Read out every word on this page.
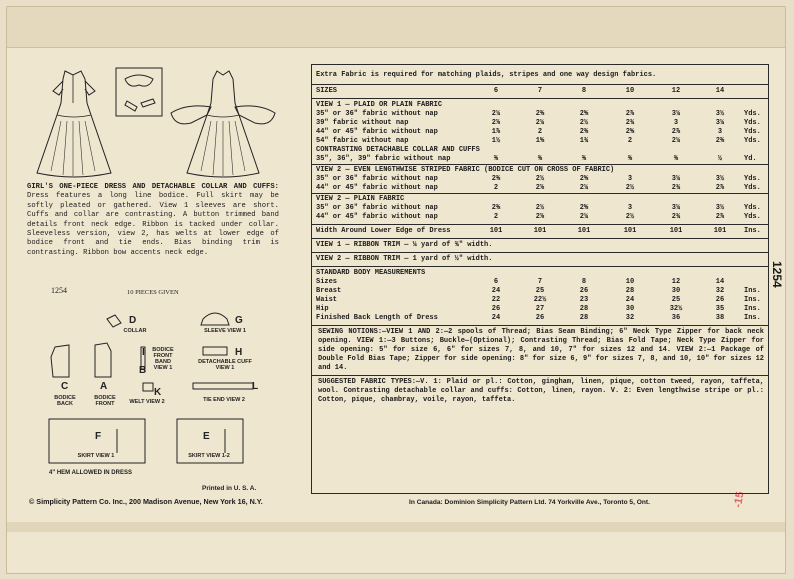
GIRL'S ONE-PIECE DRESS AND DETACHABLE COLLAR AND CUFFS: Dress features a long line bodice. Full skirt may be softly pleated or gathered. View 1 sleeves are short. Cuffs and collar are contrasting. A button trimmed band details front neck edge. Ribbon is tacked under collar. Sleeveless version, view 2, has welts at lower edge of bodice front and tie ends. Bias binding trim is contrasting. Ribbon bow accents neck edge.
1254	10 PIECES GIVEN
D
COLLAR
G
SLEEVE VIEW 1
I	BODICE FRONT BAND VIEW 1
H
DETACHABLE CUFF VIEW 1
C
BODICE BACK
A
BODICE FRONT
B
K
WELT VIEW 2
L
TIE END VIEW 2
F
SKIRT VIEW 1
E
SKIRT VIEW 1-2
4" HEM ALLOWED IN DRESS
Printed in U. S. A.
© Simplicity Pattern Co. Inc., 200 Madison Avenue, New York 16, N.Y.	In Canada: Dominion Simplicity Pattern Ltd. 74 Yorkville Ave., Toronto 5, Ont.
1254
-15
Extra Fabric is required for matching plaids, stripes and one way design fabrics.
SIZES	6	7	8	10	12	14
VIEW 1 — PLAID OR PLAIN FABRIC
35" or 36" fabric without nap	2¼	2⅜	2⅝	2⅞	3¼	3½	Yds.
39" fabric without nap	2⅛	2¼	2½	2¾	3	3¼	Yds.
44" or 45" fabric without nap	1⅞	2	2⅜	2⅝	2⅞	3	Yds.
54" fabric without nap	1½	1⅝	1¾	2	2¼	2⅜	Yds.
CONTRASTING DETACHABLE COLLAR AND CUFFS
35", 36", 39" fabric without nap	⅜	⅜	⅜	⅜	⅜	½	Yd.
VIEW 2 — EVEN LENGTHWISE STRIPED FABRIC (BODICE CUT ON CROSS OF FABRIC)
35" or 36" fabric without nap	2⅜	2½	2⅝	3	3¼	3½	Yds.
44" or 45" fabric without nap	2	2⅛	2¼	2½	2¾	2⅞	Yds.
VIEW 2 — PLAIN FABRIC
35" or 36" fabric without nap	2⅜	2½	2⅝	3	3¼	3½	Yds.
44" or 45" fabric without nap	2	2⅛	2¼	2½	2¾	2⅞	Yds.
Width Around Lower Edge of Dress	101	101	101	101	101	101	Ins.
VIEW 1 — RIBBON TRIM — ¼ yard of ¾" width.
VIEW 2 — RIBBON TRIM — 1 yard of ½" width.
STANDARD BODY MEASUREMENTS
Sizes	6	7	8	10	12	14
Breast	24	25	26	28	30	32	Ins.
Waist	22	22½	23	24	25	26	Ins.
Hip	26	27	28	30	32½	35	Ins.
Finished Back Length of Dress	24	26	28	32	36	38	Ins.
SEWING NOTIONS:—VIEW 1 AND 2:—2 spools of Thread; Bias Seam Binding; 6" Neck Type Zipper for back neck opening. VIEW 1:—3 Buttons; Buckle—(Optional); Contrasting Thread; Bias Fold Tape; Neck Type Zipper for side opening: 5" for size 6, 6" for sizes 7, 8, and 10, 7" for sizes 12 and 14. VIEW 2:—1 Package of Double Fold Bias Tape; Zipper for side opening: 8" for size 6, 9" for sizes 7, 8, and 10, 10" for sizes 12 and 14.
SUGGESTED FABRIC TYPES:—V. 1: Plaid or pl.: Cotton, gingham, linen, pique, cotton tweed, rayon, taffeta, wool. Contrasting detachable collar and cuffs: Cotton, linen, rayon. V. 2: Even lengthwise stripe or pl.: Cotton, pique, chambray, voile, rayon, taffeta.
